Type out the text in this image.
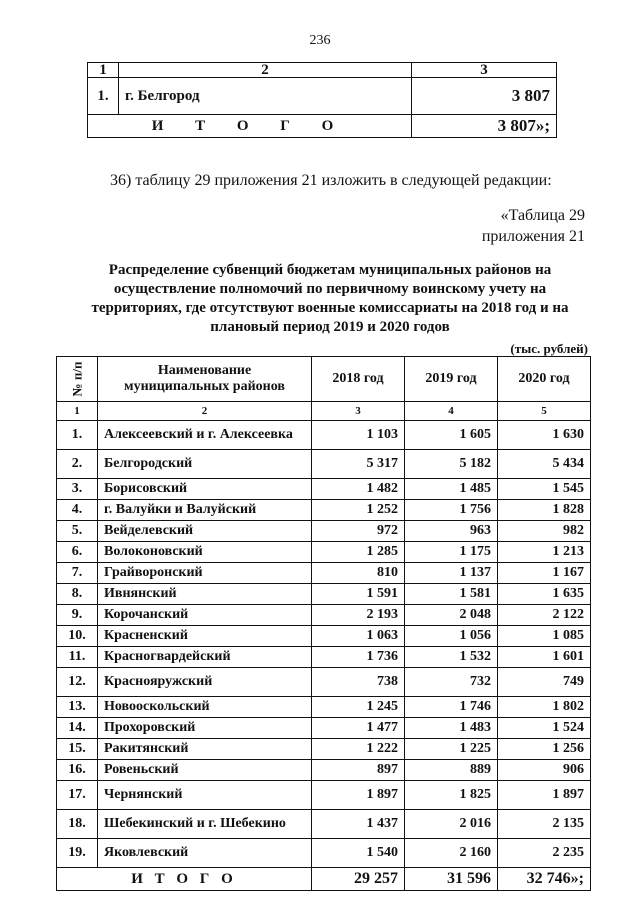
236
1	2	3
1.	г. Белгород	3 807
И Т О Г О		3 807»;
36) таблицу 29 приложения 21 изложить в следующей редакции:
«Таблица 29
приложения 21
Распределение субвенций бюджетам муниципальных районов на
осуществление полномочий по первичному воинскому учету на
территориях, где отсутствуют военные комиссариаты на 2018 год и на
плановый период 2019 и 2020 годов
(тыс. рублей)
№ п/п	Наименование
муниципальных районов	2018 год	2019 год	2020 год
1	2	3	4	5
1.	Алексеевский и г. Алексеевка	1 103	1 605	1 630
2.	Белгородский	5 317	5 182	5 434
3.	Борисовский	1 482	1 485	1 545
4.	г. Валуйки и Валуйский	1 252	1 756	1 828
5.	Вейделевский	972	963	982
6.	Волоконовский	1 285	1 175	1 213
7.	Грайворонский	810	1 137	1 167
8.	Ивнянский	1 591	1 581	1 635
9.	Корочанский	2 193	2 048	2 122
10.	Красненский	1 063	1 056	1 085
11.	Красногвардейский	1 736	1 532	1 601
12.	Краснояружский	738	732	749
13.	Новооскольский	1 245	1 746	1 802
14.	Прохоровский	1 477	1 483	1 524
15.	Ракитянский	1 222	1 225	1 256
16.	Ровеньский	897	889	906
17.	Чернянский	1 897	1 825	1 897
18.	Шебекинский и г. Шебекино	1 437	2 016	2 135
19.	Яковлевский	1 540	2 160	2 235
И Т О Г О		29 257	31 596	32 746»;
